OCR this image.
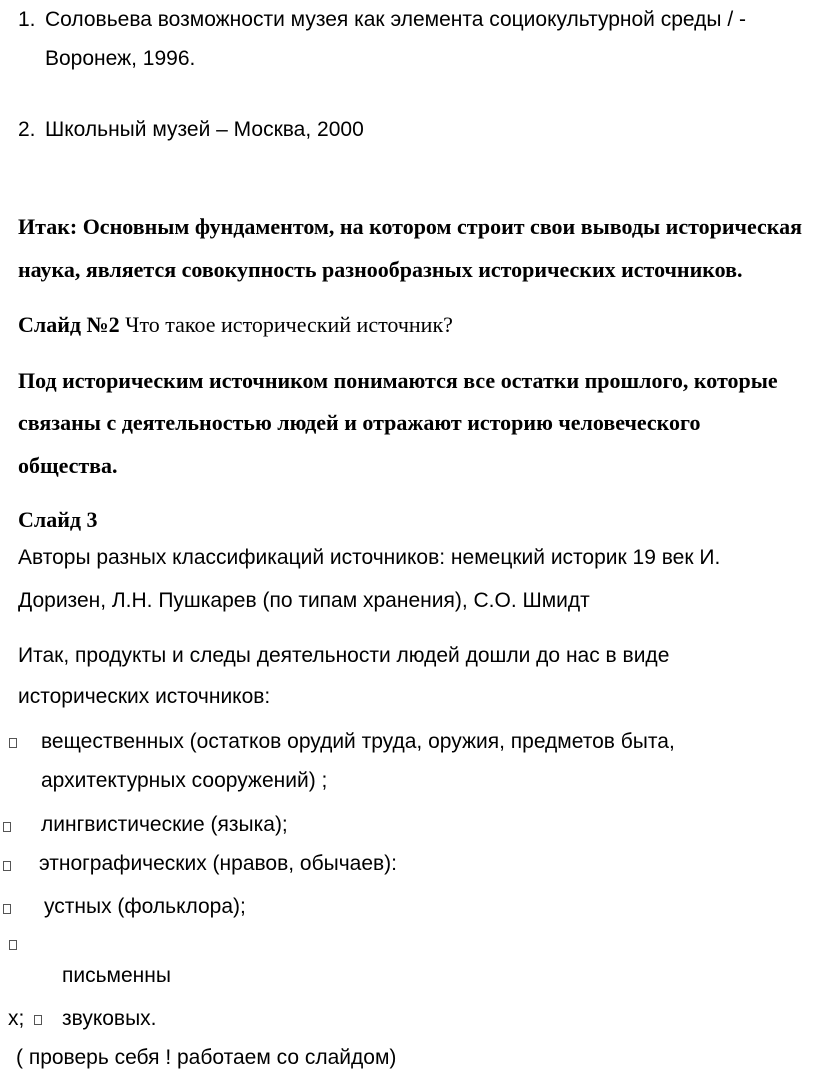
1. Соловьева возможности музея как элемента социокультурной среды / -
Воронеж, 1996.
2. Школьный музей – Москва, 2000
Итак: Основным фундаментом, на котором строит свои выводы историческая
наука, является совокупность разнообразных исторических источников.
Слайд №2 Что такое исторический источник?
Под историческим источником понимаются все остатки прошлого, которые
связаны с деятельностью людей и отражают историю человеческого
общества.
Слайд 3
Авторы разных классификаций источников: немецкий историк 19 век И.
Доризен, Л.Н. Пушкарев (по типам хранения), С.О. Шмидт
Итак, продукты и следы деятельности людей дошли до нас в виде
исторических источников:
вещественных (остатков орудий труда, оружия, предметов быта,
архитектурных сооружений) ;
лингвистические (языка);
этнографических (нравов, обычаев):
устных (фольклора);
письменны
х; звуковых.
( проверь себя ! работаем со слайдом)
